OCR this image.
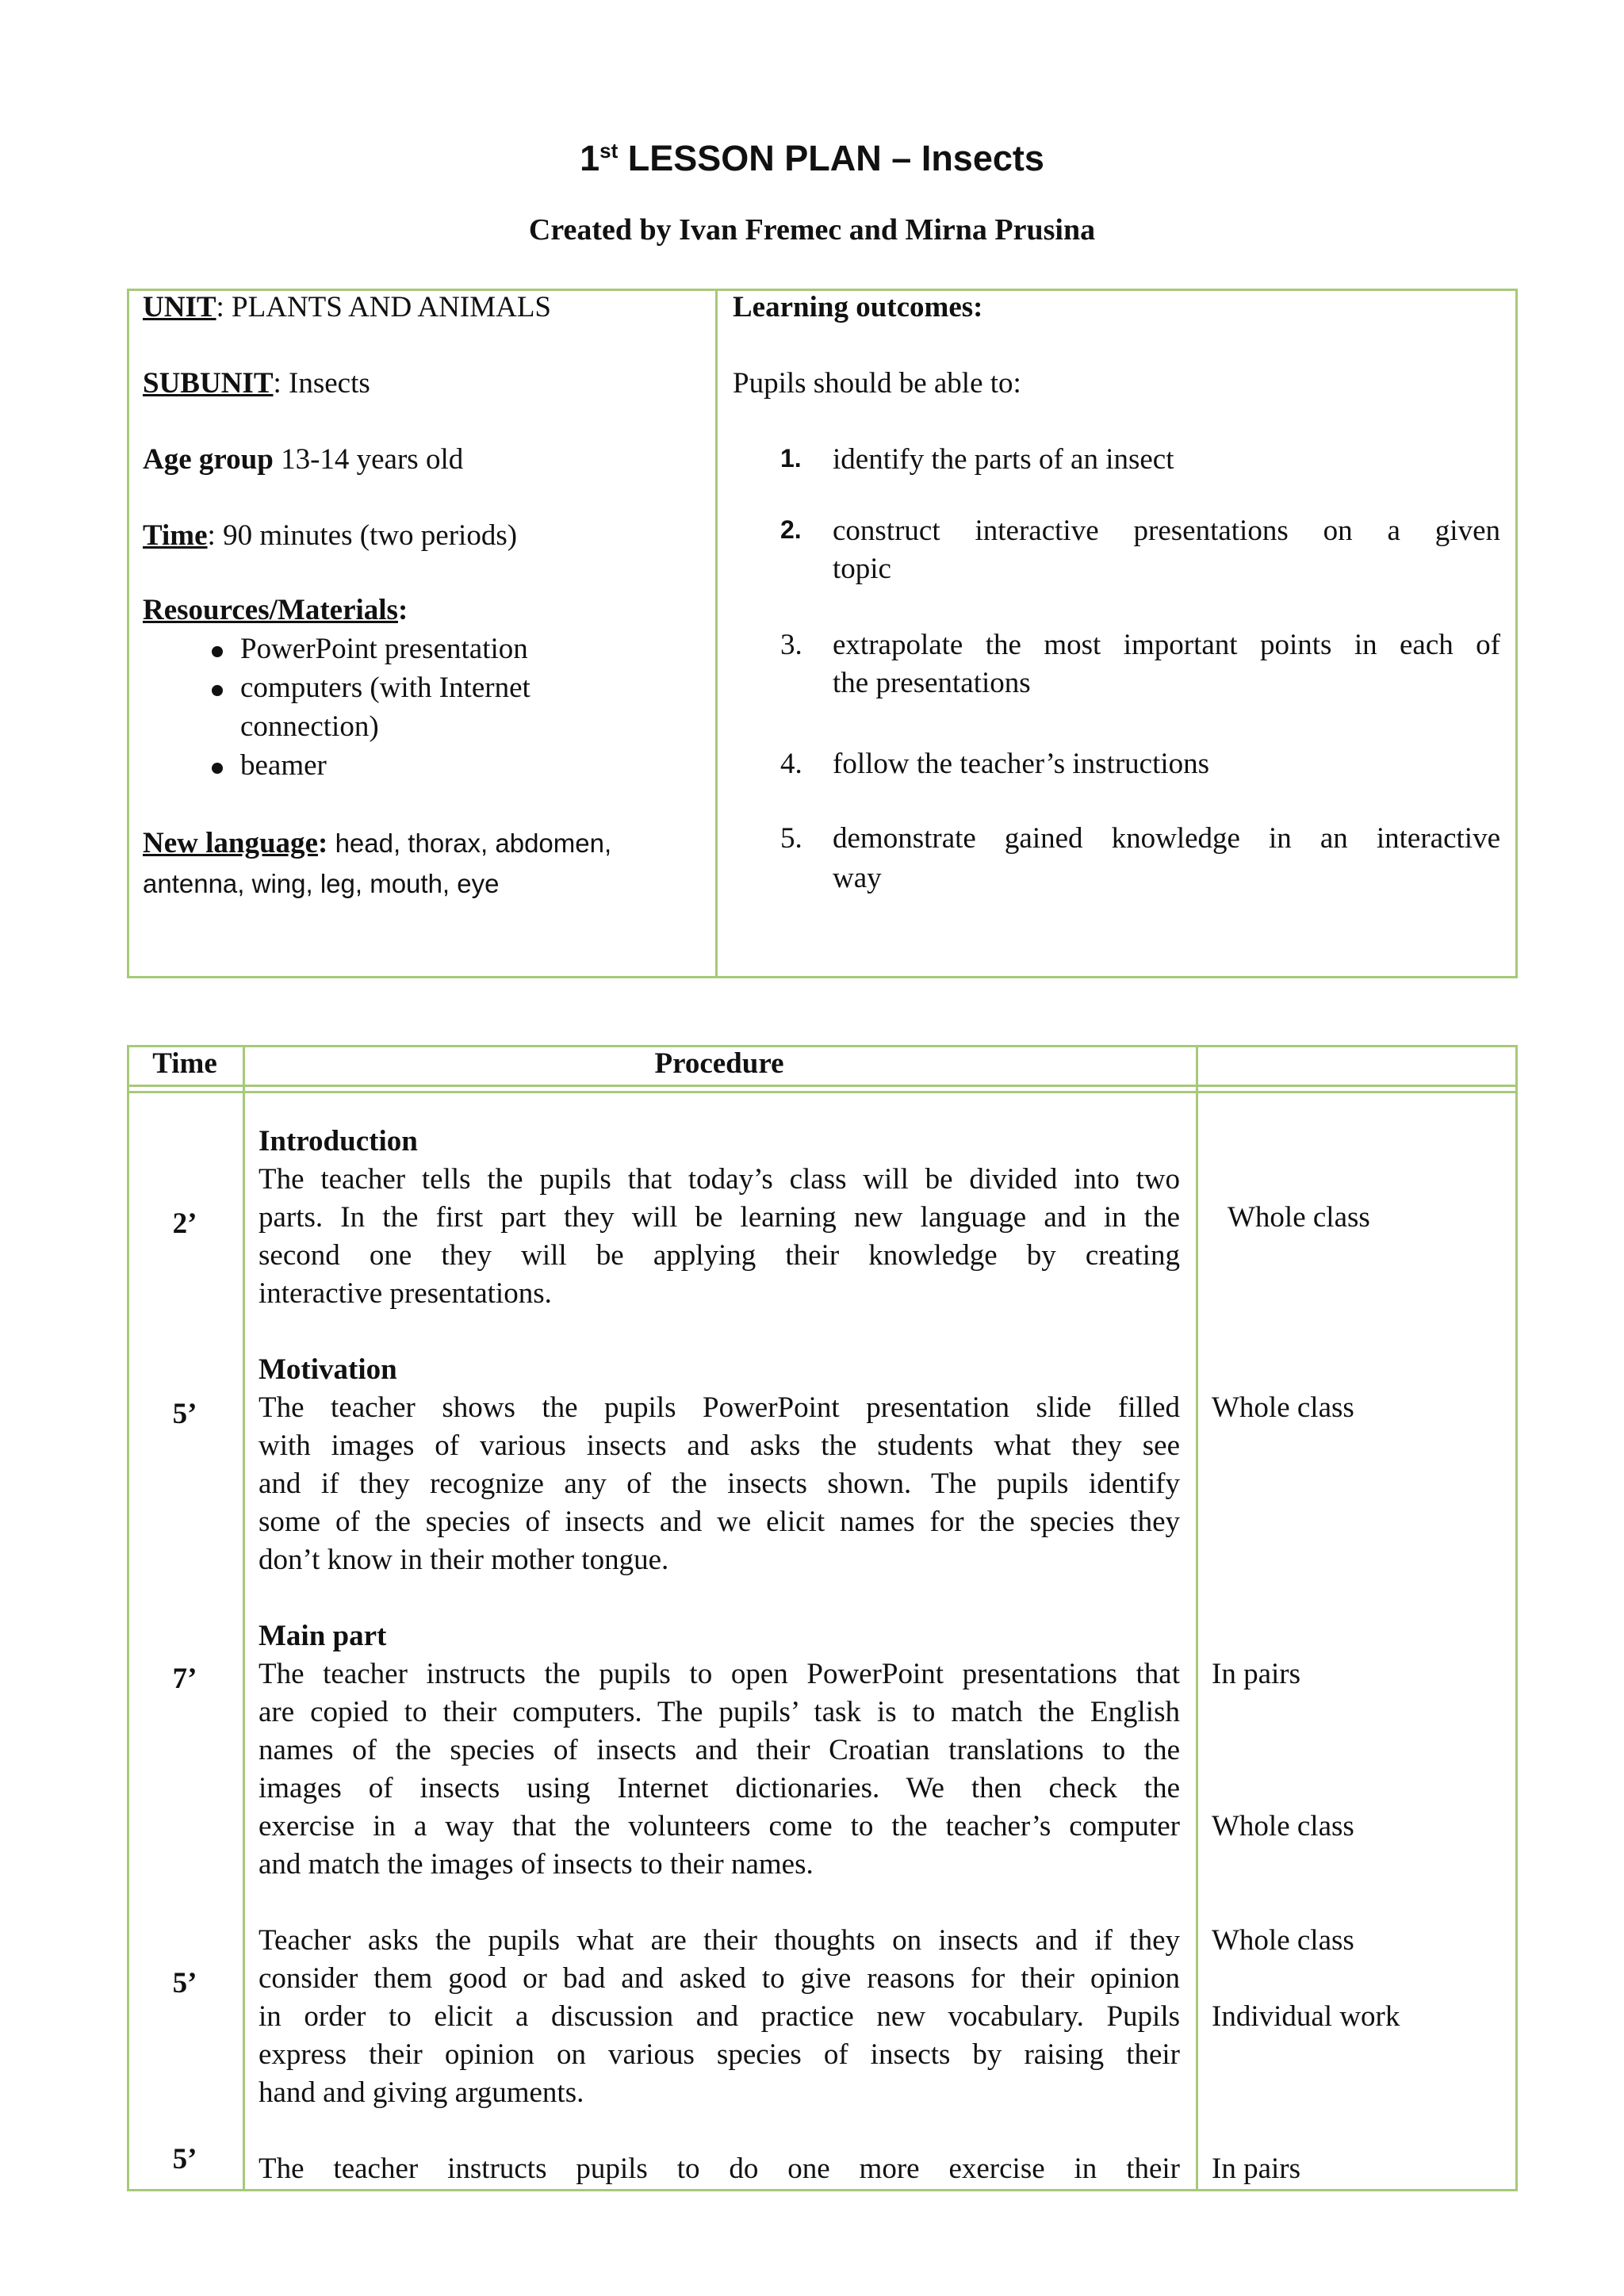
1st LESSON PLAN – Insects
Created by Ivan Fremec and Mirna Prusina
UNIT: PLANTS AND ANIMALS
SUBUNIT: Insects
Age group 13-14 years old
Time: 90 minutes (two periods)
Resources/Materials:
PowerPoint presentation
computers (with Internet
connection)
beamer
New language: head, thorax, abdomen,
antenna, wing, leg, mouth, eye
Learning outcomes:
Pupils should be able to:
1. identify the parts of an insect
2. construct interactive presentations on a given
topic
3. extrapolate the most important points in each of
the presentations
4. follow the teacher’s instructions
5. demonstrate gained knowledge in an interactive
way
Time	Procedure
2’
5’
7’
5’
5’
Introduction
The teacher tells the pupils that today’s class will be divided into two
parts. In the first part they will be learning new language and in the
second one they will be applying their knowledge by creating
interactive presentations.
Motivation
The teacher shows the pupils PowerPoint presentation slide filled
with images of various insects and asks the students what they see
and if they recognize any of the insects shown. The pupils identify
some of the species of insects and we elicit names for the species they
don’t know in their mother tongue.
Main part
The teacher instructs the pupils to open PowerPoint presentations that
are copied to their computers. The pupils’ task is to match the English
names of the species of insects and their Croatian translations to the
images of insects using Internet dictionaries. We then check the
exercise in a way that the volunteers come to the teacher’s computer
and match the images of insects to their names.
Teacher asks the pupils what are their thoughts on insects and if they
consider them good or bad and asked to give reasons for their opinion
in order to elicit a discussion and practice new vocabulary. Pupils
express their opinion on various species of insects by raising their
hand and giving arguments.
The teacher instructs pupils to do one more exercise in their
Whole class
Whole class
In pairs
Whole class
Whole class
Individual work
In pairs
